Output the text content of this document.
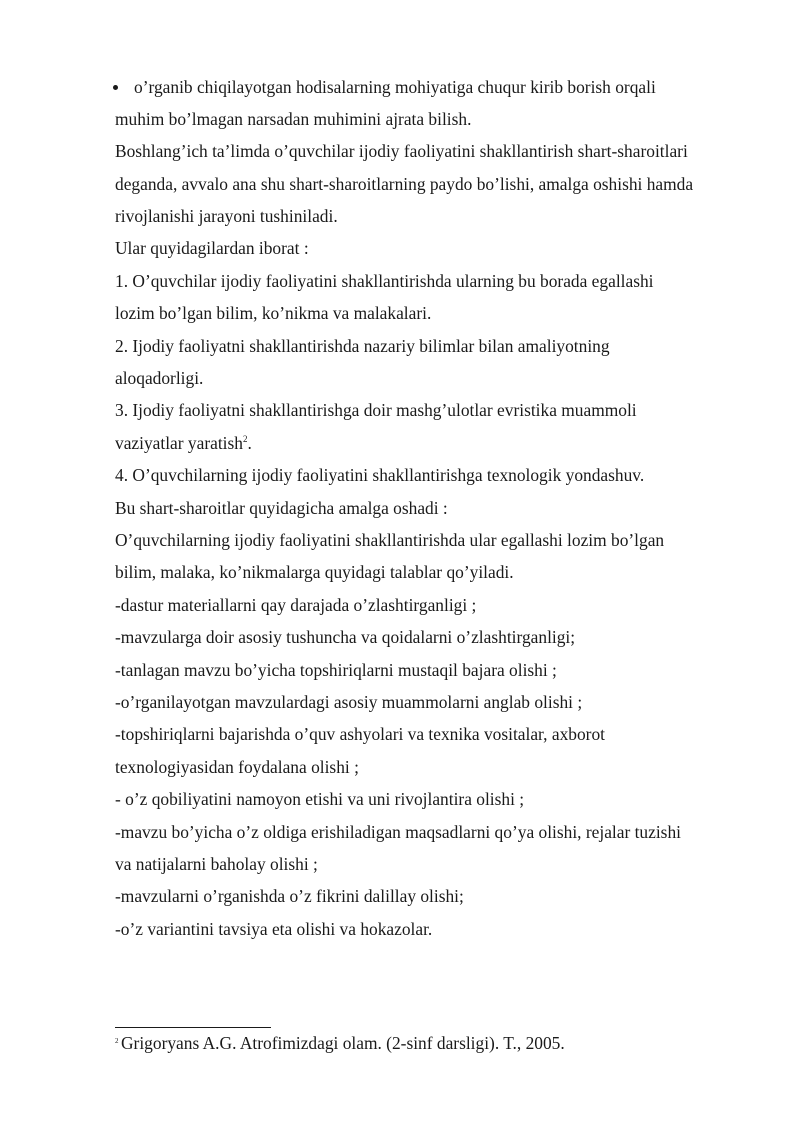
o’rganib chiqilayotgan hodisalarning mohiyatiga chuqur kirib borish orqali
muhim bo’lmagan narsadan muhimini ajrata bilish.
Boshlang’ich ta’limda o’quvchilar ijodiy faoliyatini shakllantirish shart-sharoitlari
deganda, avvalo ana shu shart-sharoitlarning paydo bo’lishi, amalga oshishi hamda
rivojlanishi jarayoni tushiniladi.
Ular quyidagilardan iborat :
1. O’quvchilar ijodiy faoliyatini shakllantirishda ularning bu borada egallashi
lozim bo’lgan bilim, ko’nikma va malakalari.
2. Ijodiy faoliyatni shakllantirishda nazariy bilimlar bilan amaliyotning
aloqadorligi.
3. Ijodiy faoliyatni shakllantirishga doir mashg’ulotlar evristika muammoli
vaziyatlar yaratish$^2$.
4. O’quvchilarning ijodiy faoliyatini shakllantirishga texnologik yondashuv.
Bu shart-sharoitlar quyidagicha amalga oshadi :
O’quvchilarning ijodiy faoliyatini shakllantirishda ular egallashi lozim bo’lgan
bilim, malaka, ko’nikmalarga quyidagi talablar qo’yiladi.
-dastur materiallarni qay darajada o’zlashtirganligi ;
-mavzularga doir asosiy tushuncha va qoidalarni o’zlashtirganligi;
-tanlagan mavzu bo’yicha topshiriqlarni mustaqil bajara olishi ;
-o’rganilayotgan mavzulardagi asosiy muammolarni anglab olishi ;
-topshiriqlarni bajarishda o’quv ashyolari va texnika vositalar, axborot
texnologiyasidan foydalana olishi ;
- o’z qobiliyatini namoyon etishi va uni rivojlantira olishi ;
-mavzu bo’yicha o’z oldiga erishiladigan maqsadlarni qo’ya olishi, rejalar tuzishi
va natijalarni baholay olishi ;
-mavzularni o’rganishda o’z fikrini dalillay olishi;
-o’z variantini tavsiya eta olishi va hokazolar.
2 Grigoryans A.G. Atrofimizdagi olam. (2-sinf darsligi). T., 2005.
